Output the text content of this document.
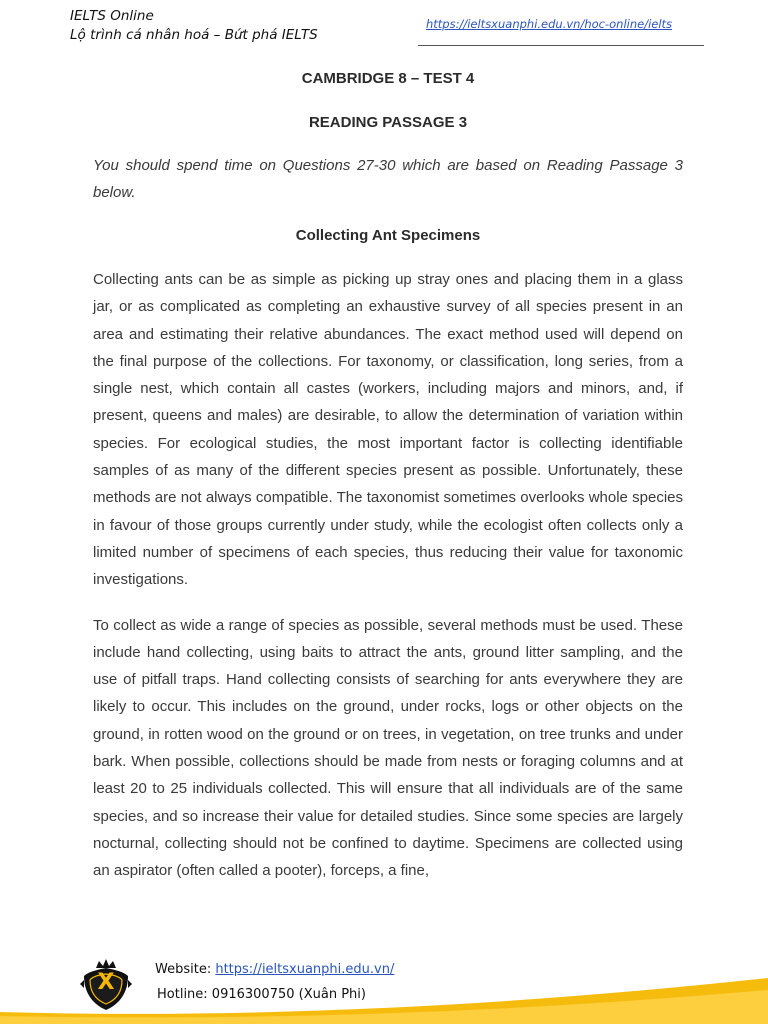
IELTS Online
Lộ trình cá nhân hoá – Bứt phá IELTS
https://ieltsxuanphi.edu.vn/hoc-online/ielts
CAMBRIDGE 8 – TEST 4
READING PASSAGE 3

You should spend time on Questions 27-30 which are based on Reading Passage 3 below.

Collecting Ant Specimens

Collecting ants can be as simple as picking up stray ones and placing them in a glass jar, or as complicated as completing an exhaustive survey of all species present in an area and estimating their relative abundances. The exact method used will depend on the final purpose of the collections. For taxonomy, or classification, long series, from a single nest, which contain all castes (workers, including majors and minors, and, if present, queens and males) are desirable, to allow the determination of variation within species. For ecological studies, the most important factor is collecting identifiable samples of as many of the different species present as possible. Unfortunately, these methods are not always compatible. The taxonomist sometimes overlooks whole species in favour of those groups currently under study, while the ecologist often collects only a limited number of specimens of each species, thus reducing their value for taxonomic investigations.

To collect as wide a range of species as possible, several methods must be used. These include hand collecting, using baits to attract the ants, ground litter sampling, and the use of pitfall traps. Hand collecting consists of searching for ants everywhere they are likely to occur. This includes on the ground, under rocks, logs or other objects on the ground, in rotten wood on the ground or on trees, in vegetation, on tree trunks and under bark. When possible, collections should be made from nests or foraging columns and at least 20 to 25 individuals collected. This will ensure that all individuals are of the same species, and so increase their value for detailed studies. Since some species are largely nocturnal, collecting should not be confined to daytime. Specimens are collected using an aspirator (often called a pooter), forceps, a fine,

X
Website: https://ieltsxuanphi.edu.vn/
Hotline: 0916300750 (Xuân Phi)
